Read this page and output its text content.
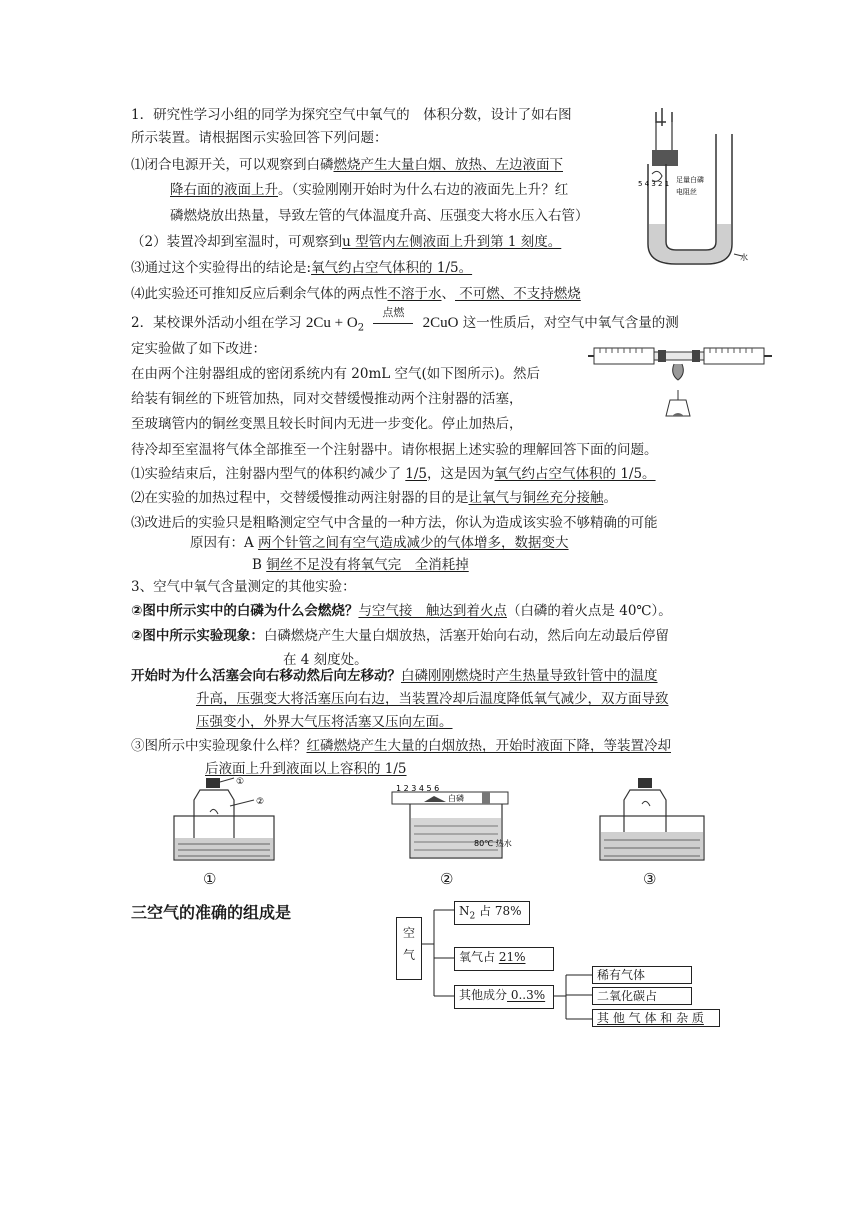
1．研究性学习小组的同学为探究空气中氧气的　体积分数，设计了如右图
所示装置。请根据图示实验回答下列问题：
⑴闭合电源开关，可以观察到白磷燃烧产生大量白烟、放热、左边液面下
降右面的液面上升。（实验刚刚开始时为什么右边的液面先上升？红
磷燃烧放出热量，导致左管的气体温度升高、压强变大将水压入右管）
（2）装置冷却到室温时，可观察到u 型管内左侧液面上升到第 1 刻度。
⑶通过这个实验得出的结论是:氧气约占空气体积的 1/5。
⑷此实验还可推知反应后剩余气体的两点性不溶于水、 不可燃、不支持燃烧
5 4 3 2 1 足量白磷
电阻丝
水
2．某校课外活动小组在学习 $2Cu + O_2$
点燃
2CuO 这一性质后，对空气中氧气含量的测
定实验做了如下改进：
在由两个注射器组成的密闭系统内有 20mL 空气(如下图所示)。然后
给装有铜丝的下班管加热，同对交替缓慢推动两个注射器的活塞，
至玻璃管内的铜丝变黑且较长时间内无进一步变化。停止加热后，
待冷却至室温将气体全部推至一个注射器中。请你根据上述实验的理解回答下面的问题。
⑴实验结束后，注射器内型气的体积约减少了 1/5，这是因为氧气约占空气体积的 1/5。
⑵在实验的加热过程中，交替缓慢推动两注射器的目的是让氧气与铜丝充分接触。
⑶改进后的实验只是粗略测定空气中含量的一种方法，你认为造成该实验不够精确的可能
原因有：A 两个针管之间有空气造成减少的气体增多，数据变大
B 铜丝不足没有将氧气完　全消耗掉
3、空气中氧气含量测定的其他实验：
②图中所示实中的白磷为什么会燃烧？与空气接　触达到着火点（白磷的着火点是 40℃）。
②图中所示实验现象：白磷燃烧产生大量白烟放热，活塞开始向右动，然后向左动最后停留
在 4 刻度处。
开始时为什么活塞会向右移动然后向左移动？白磷刚刚燃烧时产生热量导致针管中的温度
升高，压强变大将活塞压向右边，当装置冷却后温度降低氧气减少，双方面导致
压强变小，外界大气压将活塞又压向左面。
③图所示中实验现象什么样？红磷燃烧产生大量的白烟放热，开始时液面下降，等装置冷却
后液面上升到液面以上容积的 1/5
①
②
1 2 3 4 5 6
白磷
80℃ 热水
①	②	③
三空气的准确的组成是
空
气
$N_2$ 占 78%
氧气占 21%
其他成分 0..3%
稀有气体
二氧化碳占
其 他 气 体 和 杂 质
